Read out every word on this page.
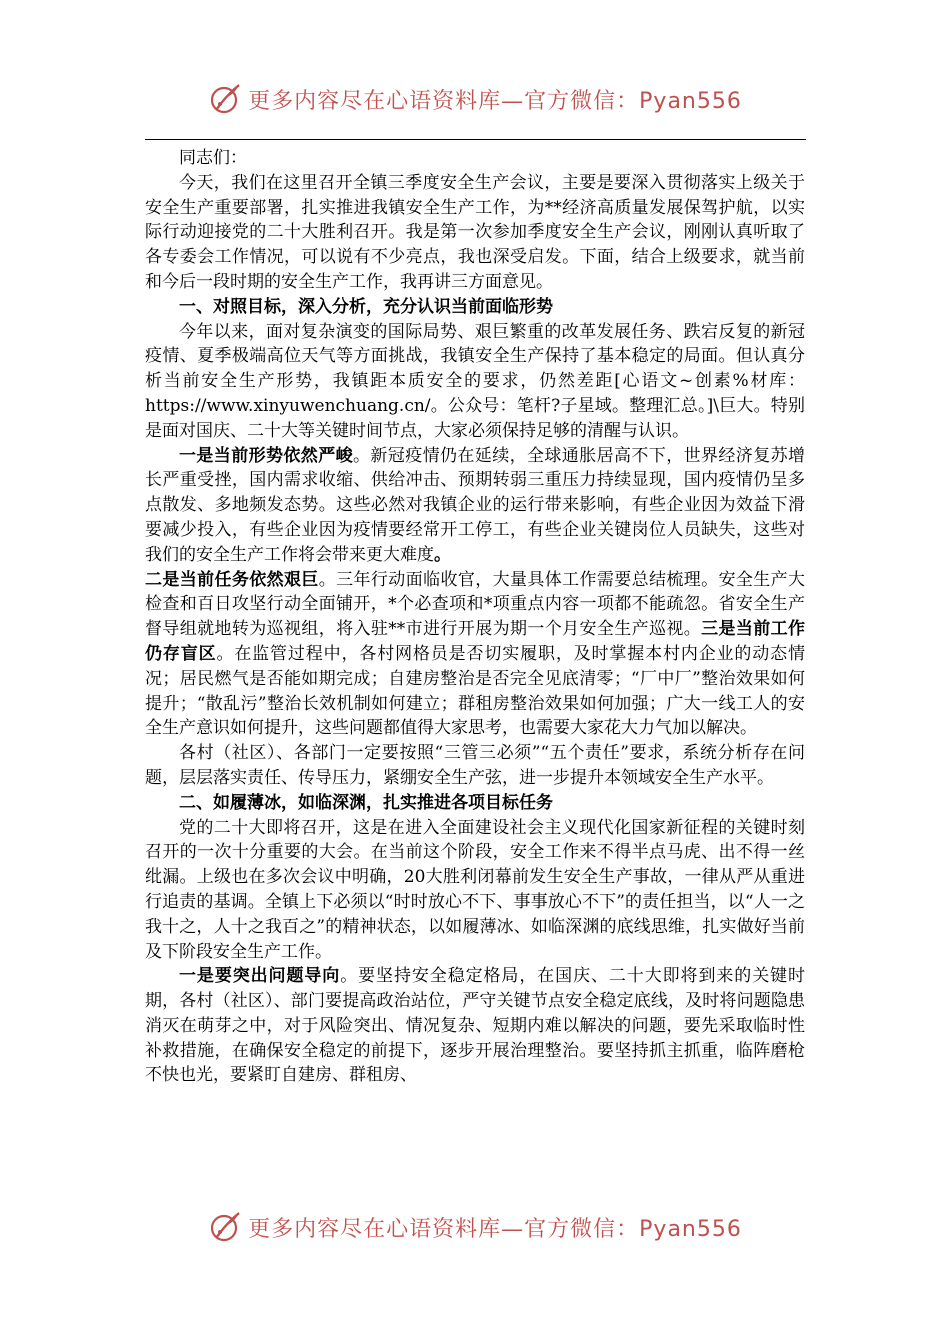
更多内容尽在心语资料库—官方微信：Pyan556

同志们：

今天，我们在这里召开全镇三季度安全生产会议，主要是要深入贯彻落实上级关于安全生产重要部署，扎实推进我镇安全生产工作，为**经济高质量发展保驾护航，以实际行动迎接党的二十大胜利召开。我是第一次参加季度安全生产会议，刚刚认真听取了各专委会工作情况，可以说有不少亮点，我也深受启发。下面，结合上级要求，就当前和今后一段时期的安全生产工作，我再讲三方面意见。

一、对照目标，深入分析，充分认识当前面临形势

今年以来，面对复杂演变的国际局势、艰巨繁重的改革发展任务、跌宕反复的新冠疫情、夏季极端高位天气等方面挑战，我镇安全生产保持了基本稳定的局面。但认真分析当前安全生产形势，我镇距本质安全的要求，仍然差距[心语文~创素%材库：https://www.xinyuwenchuang.cn/。公众号：笔杆?子星域。整理汇总。]\巨大。特别是面对国庆、二十大等关键时间节点，大家必须保持足够的清醒与认识。

一是当前形势依然严峻。新冠疫情仍在延续，全球通胀居高不下，世界经济复苏增长严重受挫，国内需求收缩、供给冲击、预期转弱三重压力持续显现，国内疫情仍呈多点散发、多地频发态势。这些必然对我镇企业的运行带来影响，有些企业因为效益下滑要减少投入，有些企业因为疫情要经常开工停工，有些企业关键岗位人员缺失，这些对我们的安全生产工作将会带来更大难度。

二是当前任务依然艰巨。三年行动面临收官，大量具体工作需要总结梳理。安全生产大检查和百日攻坚行动全面铺开，*个必查项和*项重点内容一项都不能疏忽。省安全生产督导组就地转为巡视组，将入驻**市进行开展为期一个月安全生产巡视。三是当前工作仍存盲区。在监管过程中，各村网格员是否切实履职，及时掌握本村内企业的动态情况；居民燃气是否能如期完成；自建房整治是否完全见底清零；“厂中厂”整治效果如何提升；“散乱污”整治长效机制如何建立；群租房整治效果如何加强；广大一线工人的安全生产意识如何提升，这些问题都值得大家思考，也需要大家花大力气加以解决。

各村（社区）、各部门一定要按照“三管三必须”“五个责任”要求，系统分析存在问题，层层落实责任、传导压力，紧绷安全生产弦，进一步提升本领域安全生产水平。

二、如履薄冰，如临深渊，扎实推进各项目标任务

党的二十大即将召开，这是在进入全面建设社会主义现代化国家新征程的关键时刻召开的一次十分重要的大会。在当前这个阶段，安全工作来不得半点马虎、出不得一丝纰漏。上级也在多次会议中明确，20大胜利闭幕前发生安全生产事故，一律从严从重进行追责的基调。全镇上下必须以“时时放心不下、事事放心不下”的责任担当，以“人一之我十之，人十之我百之”的精神状态，以如履薄冰、如临深渊的底线思维，扎实做好当前及下阶段安全生产工作。

一是要突出问题导向。要坚持安全稳定格局，在国庆、二十大即将到来的关键时期，各村（社区）、部门要提高政治站位，严守关键节点安全稳定底线，及时将问题隐患消灭在萌芽之中，对于风险突出、情况复杂、短期内难以解决的问题，要先采取临时性补救措施，在确保安全稳定的前提下，逐步开展治理整治。要坚持抓主抓重，临阵磨枪不快也光，要紧盯自建房、群租房、

更多内容尽在心语资料库—官方微信：Pyan556
